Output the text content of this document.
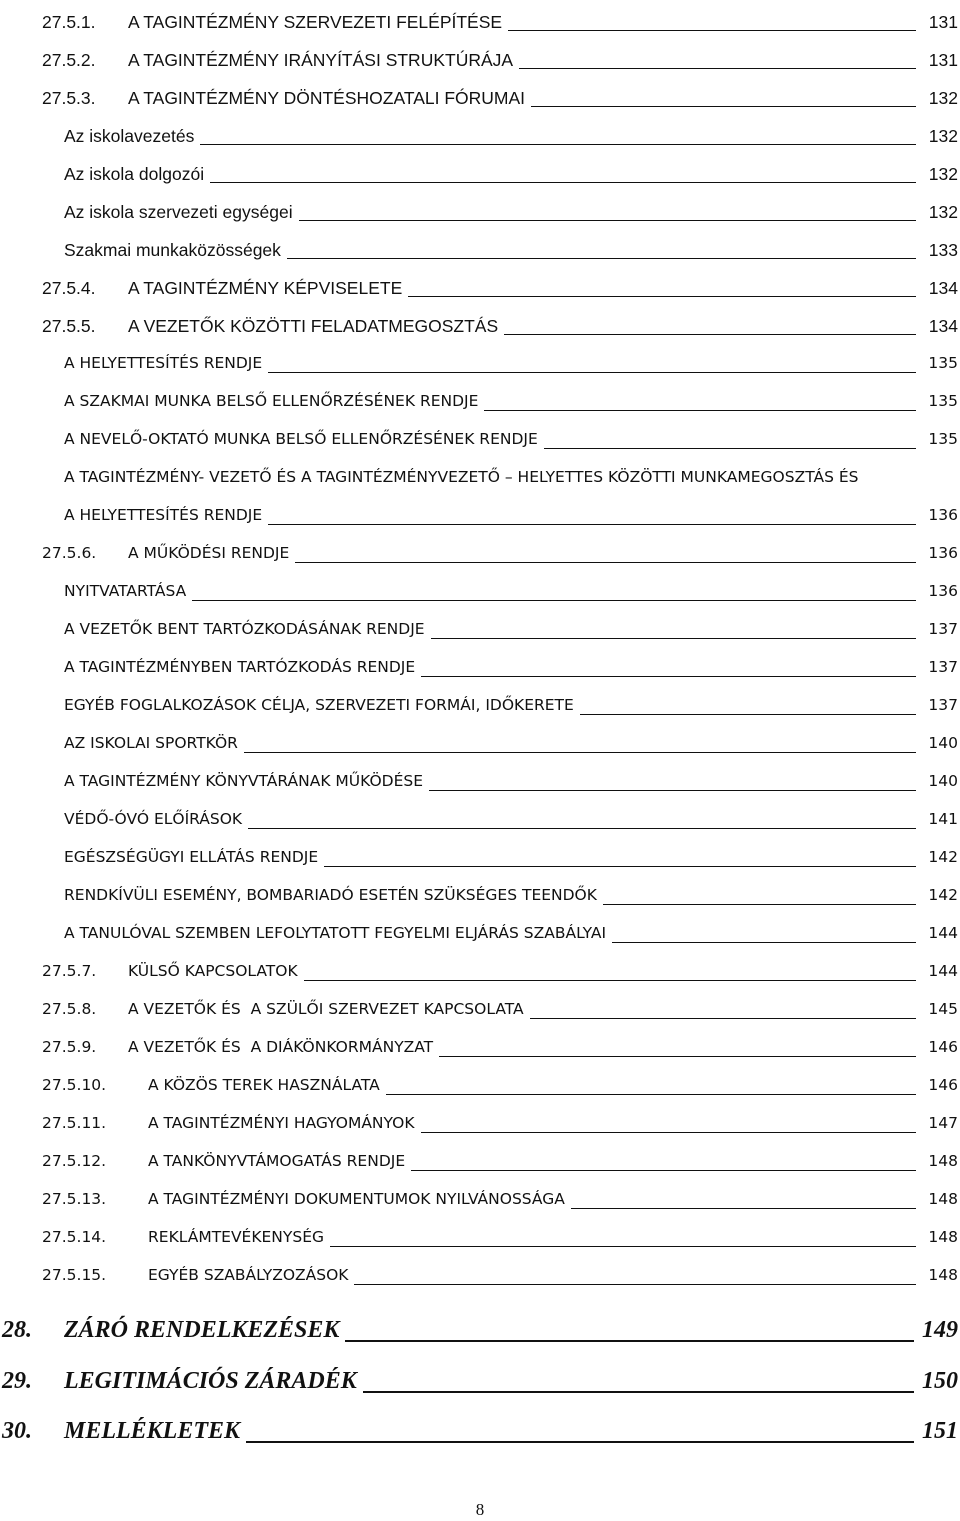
27.5.1. A TAGINTÉZMÉNY SZERVEZETI FELÉPÍTÉSE	131
27.5.2. A TAGINTÉZMÉNY IRÁNYÍTÁSI STRUKTÚRÁJA	131
27.5.3. A TAGINTÉZMÉNY DÖNTÉSHOZATALI FÓRUMAI	132
Az iskolavezetés	132
Az iskola dolgozói	132
Az iskola szervezeti egységei	132
Szakmai munkaközösségek	133
27.5.4. A TAGINTÉZMÉNY KÉPVISELETE	134
27.5.5. A VEZETŐK KÖZÖTTI FELADATMEGOSZTÁS	134
A HELYETTESÍTÉS RENDJE	135
A SZAKMAI MUNKA BELSŐ ELLENŐRZÉSÉNEK RENDJE	135
A NEVELŐ-OKTATÓ MUNKA BELSŐ ELLENŐRZÉSÉNEK RENDJE	135
A TAGINTÉZMÉNY- VEZETŐ ÉS A TAGINTÉZMÉNYVEZETŐ – HELYETTES KÖZÖTTI MUNKAMEGOSZTÁS ÉS
A HELYETTESÍTÉS RENDJE	136
27.5.6. A MŰKÖDÉSI RENDJE	136
NYITVATARTÁSA	136
A VEZETŐK BENT TARTÓZKODÁSÁNAK RENDJE	137
A TAGINTÉZMÉNYBEN TARTÓZKODÁS RENDJE	137
EGYÉB FOGLALKOZÁSOK CÉLJA, SZERVEZETI FORMÁI, IDŐKERETE	137
AZ ISKOLAI SPORTKÖR	140
A TAGINTÉZMÉNY KÖNYVTÁRÁNAK MŰKÖDÉSE	140
VÉDŐ-ÓVÓ ELŐÍRÁSOK	141
EGÉSZSÉGÜGYI ELLÁTÁS RENDJE	142
RENDKÍVÜLI ESEMÉNY, BOMBARIADÓ ESETÉN SZÜKSÉGES TEENDŐK	142
A TANULÓVAL SZEMBEN LEFOLYTATOTT FEGYELMI ELJÁRÁS SZABÁLYAI	144
27.5.7. KÜLSŐ KAPCSOLATOK	144
27.5.8. A VEZETŐK ÉS  A SZÜLŐI SZERVEZET KAPCSOLATA	145
27.5.9. A VEZETŐK ÉS  A DIÁKÖNKORMÁNYZAT	146
27.5.10.	A KÖZÖS TEREK HASZNÁLATA	146
27.5.11.	A TAGINTÉZMÉNYI HAGYOMÁNYOK	147
27.5.12.	A TANKÖNYVTÁMOGATÁS RENDJE	148
27.5.13.	A TAGINTÉZMÉNYI DOKUMENTUMOK NYILVÁNOSSÁGA	148
27.5.14.	REKLÁMTEVÉKENYSÉG	148
27.5.15.	EGYÉB SZABÁLYZOZÁSOK	148
28. ZÁRÓ RENDELKEZÉSEK	149
29. LEGITIMÁCIÓS ZÁRADÉK	150
30. MELLÉKLETEK	151
8
